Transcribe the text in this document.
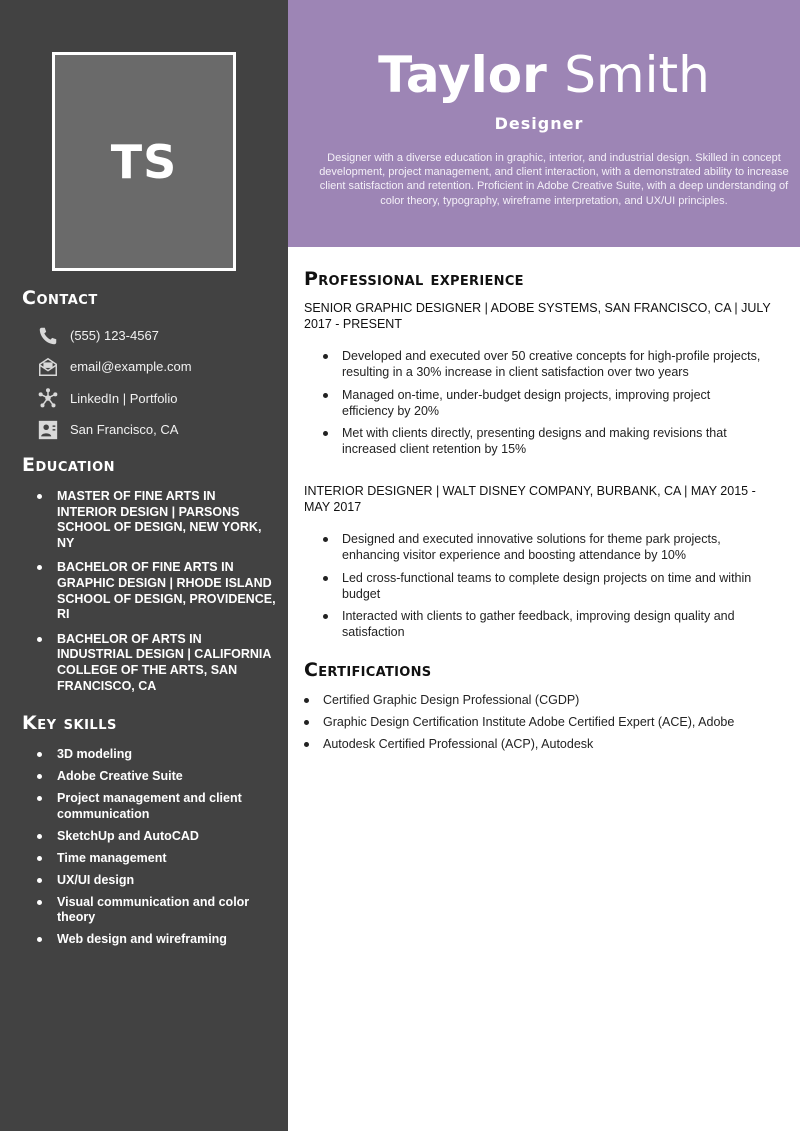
TS
Contact
(555) 123-4567
email@example.com
LinkedIn | Portfolio
San Francisco, CA
Education
MASTER OF FINE ARTS IN INTERIOR DESIGN | PARSONS SCHOOL OF DESIGN, NEW YORK, NY
BACHELOR OF FINE ARTS IN GRAPHIC DESIGN | RHODE ISLAND SCHOOL OF DESIGN, PROVIDENCE, RI
BACHELOR OF ARTS IN INDUSTRIAL DESIGN | CALIFORNIA COLLEGE OF THE ARTS, SAN FRANCISCO, CA
Key skills
3D modeling
Adobe Creative Suite
Project management and client communication
SketchUp and AutoCAD
Time management
UX/UI design
Visual communication and color theory
Web design and wireframing
Taylor Smith
Designer

Designer with a diverse education in graphic, interior, and industrial design. Skilled in concept development, project management, and client interaction, with a demonstrated ability to increase client satisfaction and retention. Proficient in Adobe Creative Suite, with a deep understanding of color theory, typography, wireframe interpretation, and UX/UI principles.

Professional experience
SENIOR GRAPHIC DESIGNER | ADOBE SYSTEMS, SAN FRANCISCO, CA | JULY 2017 - PRESENT
Developed and executed over 50 creative concepts for high-profile projects, resulting in a 30% increase in client satisfaction over two years
Managed on-time, under-budget design projects, improving project efficiency by 20%
Met with clients directly, presenting designs and making revisions that increased client retention by 15%
INTERIOR DESIGNER | WALT DISNEY COMPANY, BURBANK, CA | MAY 2015 - MAY 2017
Designed and executed innovative solutions for theme park projects, enhancing visitor experience and boosting attendance by 10%
Led cross-functional teams to complete design projects on time and within budget
Interacted with clients to gather feedback, improving design quality and satisfaction
Certifications
Certified Graphic Design Professional (CGDP)
Graphic Design Certification Institute Adobe Certified Expert (ACE), Adobe
Autodesk Certified Professional (ACP), Autodesk
